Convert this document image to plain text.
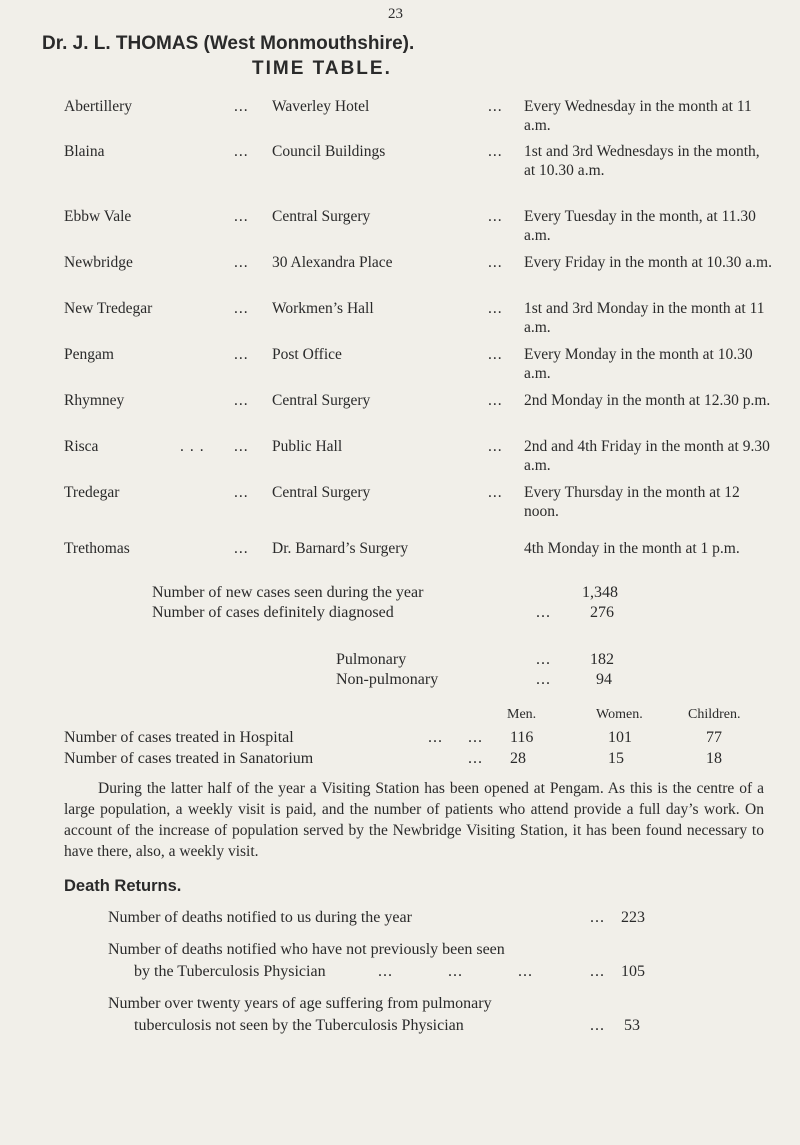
23
Dr. J. L. THOMAS (West Monmouthshire).
TIME TABLE.
Abertillery	... Waverley Hotel	... Every Wednesday in the month at 11 a.m.
Blaina	... Council Buildings	... 1st and 3rd Wednesdays in the month, at 10.30 a.m.
Ebbw Vale	... Central Surgery	... Every Tuesday in the month, at 11.30 a.m.
Newbridge	... 30 Alexandra Place	... Every Friday in the month at 10.30 a.m.
New Tredegar	... Workmen’s Hall	... 1st and 3rd Monday in the month at 11 a.m.
Pengam	... Post Office	... Every Monday in the month at 10.30 a.m.
Rhymney	... Central Surgery	... 2nd Monday in the month at 12.30 p.m.
Risca	... ... Public Hall	... 2nd and 4th Friday in the month at 9.30 a.m.
Tredegar	... Central Surgery	... Every Thursday in the month at 12 noon.
Trethomas	... Dr. Barnard’s Surgery	4th Monday in the month at 1 p.m.
Number of new cases seen during the year	1,348
Number of cases definitely diagnosed	... 276
Pulmonary	... 182
Non-pulmonary	...	94
Men.	Women.	Children.
Number of cases treated in Hospital	... ... 116	101	77
Number of cases treated in Sanatorium	... 28	15	18
During the latter half of the year a Visiting Station has been opened at Pengam. As this is the centre of a large population, a weekly visit is paid, and the number of patients who attend provide a full day’s work. On account of the increase of population served by the Newbridge Visiting Station, it has been found necessary to have there, also, a weekly visit.
Death Returns.
Number of deaths notified to us during the year	... 223
Number of deaths notified who have not previously been seen
by the Tuberculosis Physician	...	...	...	... 105
Number over twenty years of age suffering from pulmonary
tuberculosis not seen by the Tuberculosis Physician	... 53
